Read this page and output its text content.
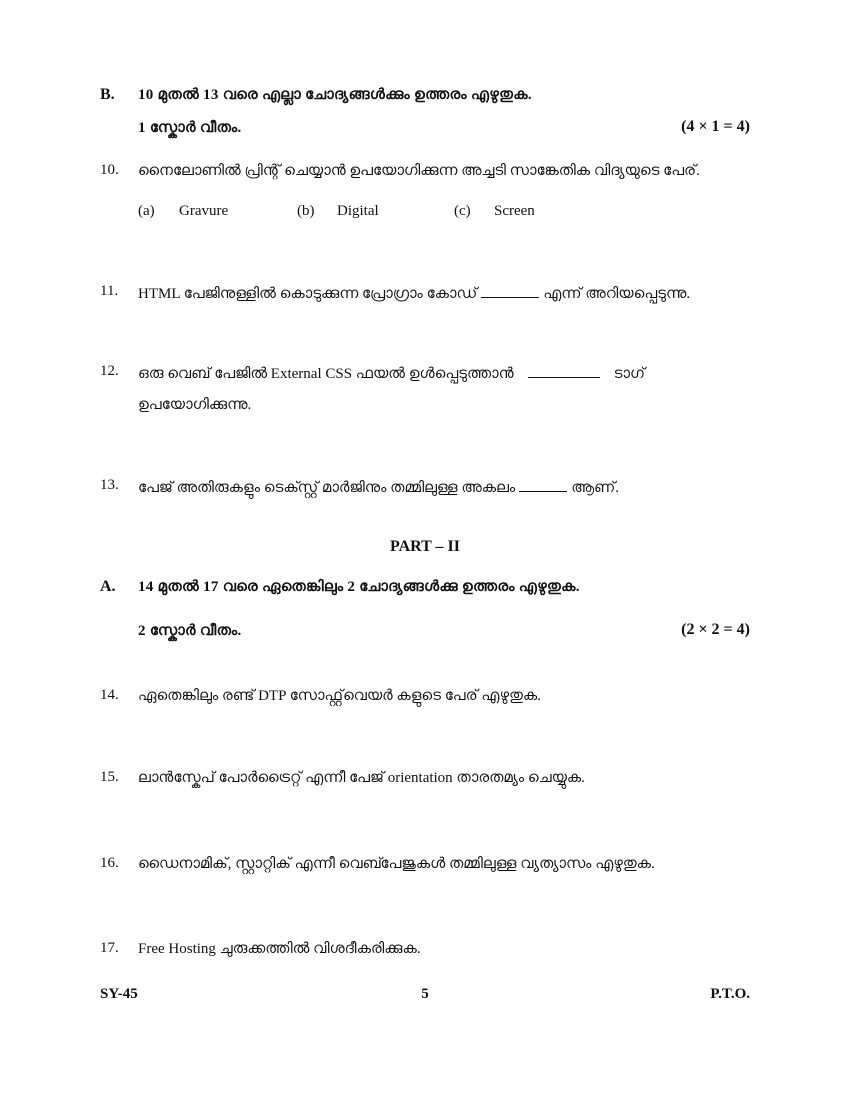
B. 10 മുതൽ 13 വരെ എല്ലാ ചോദ്യങ്ങൾക്കും ഉത്തരം എഴുതുക.
1 സ്കോർ വീതം.	(4 × 1 = 4)
10. നൈലോണിൽ പ്രിന്റ് ചെയ്യാൻ ഉപയോഗിക്കുന്ന അച്ചടി സാങ്കേതിക വിദ്യയുടെ പേര്.
(a) Gravure	(b) Digital	(c) Screen
11. HTML പേജിനുള്ളിൽ കൊടുക്കുന്ന പ്രോഗ്രാം കോഡ്	എന്ന് അറിയപ്പെടുന്നു.
12. ഒരു വെബ് പേജിൽ External CSS ഫയൽ ഉൾപ്പെടുത്താൻ	ടാഗ്
ഉപയോഗിക്കുന്നു.
13. പേജ് അതിരുകളും ടെക്സ്റ്റ് മാർജിനും തമ്മിലുള്ള അകലം	ആണ്.
PART – II
A. 14 മുതൽ 17 വരെ ഏതെങ്കിലും 2 ചോദ്യങ്ങൾക്കു ഉത്തരം എഴുതുക.
2 സ്കോർ വീതം.	(2 × 2 = 4)
14. ഏതെങ്കിലും രണ്ട് DTP സോഫ്റ്റ്‌വെയർ കളുടെ പേര് എഴുതുക.
15. ലാൻസ്കേപ് പോർട്രൈറ്റ് എന്നീ പേജ് orientation താരതമ്യം ചെയ്യുക.
16. ഡൈനാമിക്, സ്റ്റാറ്റിക് എന്നീ വെബ്പേജുകൾ തമ്മിലുള്ള വ്യത്യാസം എഴുതുക.
17. Free Hosting ചുരുക്കത്തിൽ വിശദീകരിക്കുക.
SY-45	5	P.T.O.
